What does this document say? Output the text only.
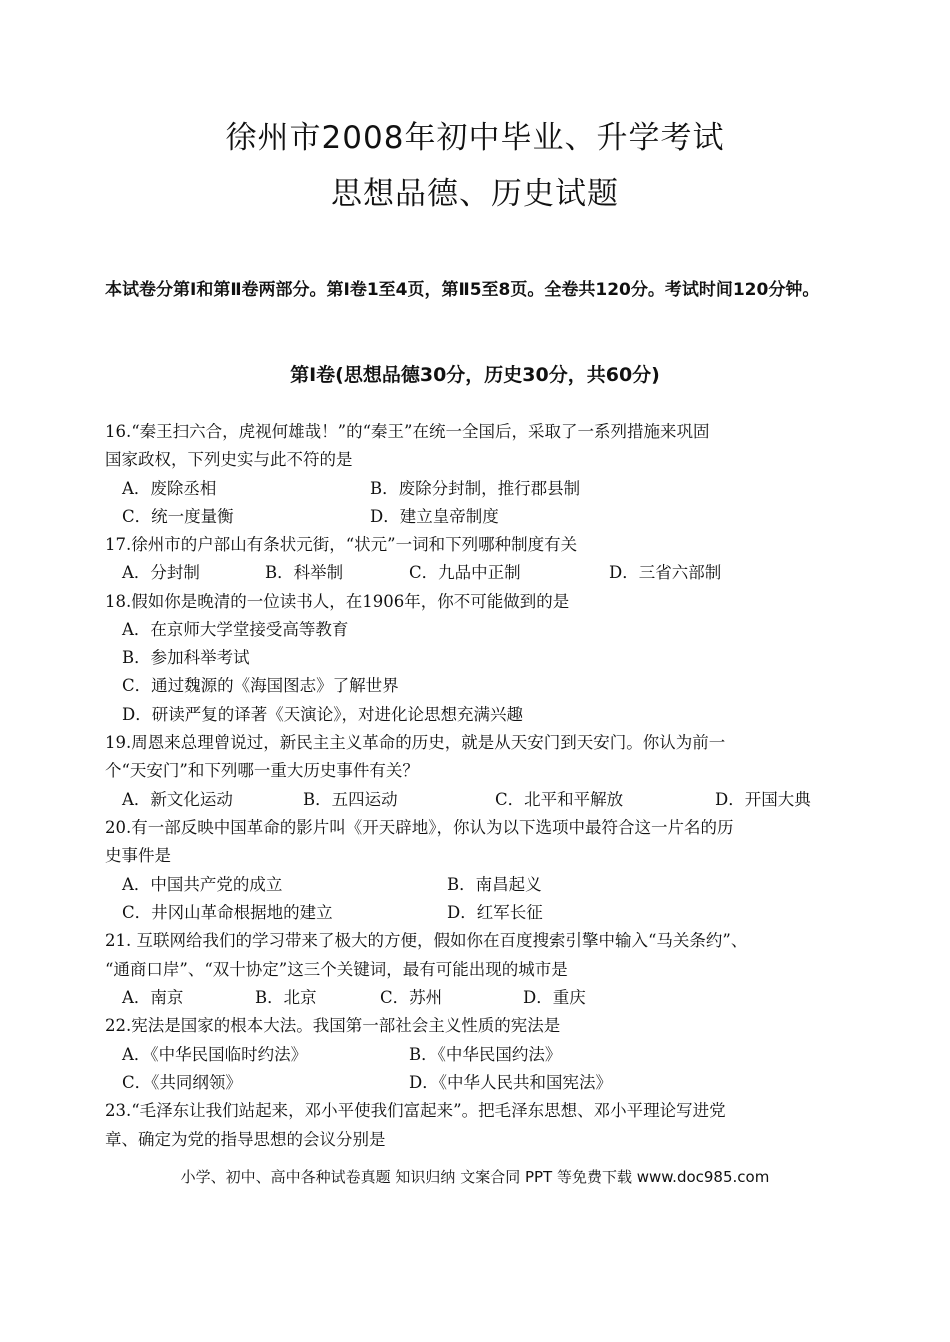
徐州市2008年初中毕业、升学考试
思想品德、历史试题
本试卷分第Ⅰ和第Ⅱ卷两部分。第Ⅰ卷1至4页，第Ⅱ5至8页。全卷共120分。考试时间120分钟。
第Ⅰ卷(思想品德30分，历史30分，共60分)
16.“秦王扫六合，虎视何雄哉！”的“秦王”在统一全国后，采取了一系列措施来巩固
国家政权，下列史实与此不符的是
A．废除丞相	B．废除分封制，推行郡县制
C．统一度量衡	D．建立皇帝制度
17.徐州市的户部山有条状元街，“状元”一词和下列哪种制度有关
A．分封制	B．科举制	C．九品中正制	D．三省六部制
18.假如你是晚清的一位读书人，在1906年，你不可能做到的是
A．在京师大学堂接受高等教育
B．参加科举考试
C．通过魏源的《海国图志》了解世界
D．研读严复的译著《天演论》，对进化论思想充满兴趣
19.周恩来总理曾说过，新民主主义革命的历史，就是从天安门到天安门。你认为前一
个“天安门”和下列哪一重大历史事件有关？
A．新文化运动	B．五四运动	C．北平和平解放	D．开国大典
20.有一部反映中国革命的影片叫《开天辟地》，你认为以下选项中最符合这一片名的历
史事件是
A．中国共产党的成立	B．南昌起义
C．井冈山革命根据地的建立	D．红军长征
21. 互联网给我们的学习带来了极大的方便，假如你在百度搜索引擎中输入“马关条约”、
“通商口岸”、“双十协定”这三个关键词，最有可能出现的城市是
A．南京	B．北京	C．苏州	D．重庆
22.宪法是国家的根本大法。我国第一部社会主义性质的宪法是
A．《中华民国临时约法》	B．《中华民国约法》
C．《共同纲领》	D．《中华人民共和国宪法》
23.“毛泽东让我们站起来，邓小平使我们富起来”。把毛泽东思想、邓小平理论写进党
章、确定为党的指导思想的会议分别是
小学、初中、高中各种试卷真题 知识归纳 文案合同 PPT 等免费下载 www.doc985.com
